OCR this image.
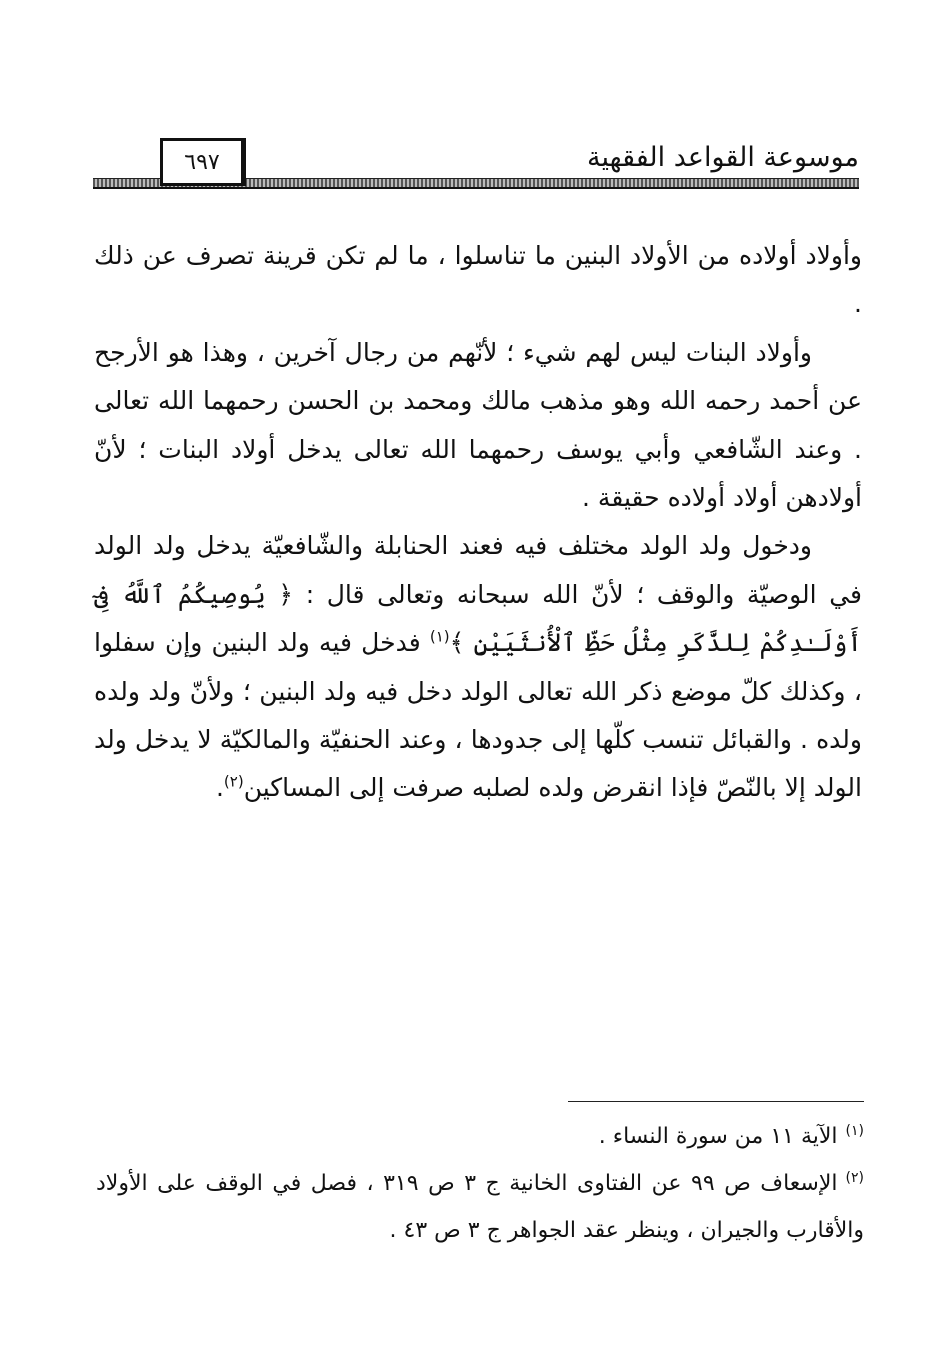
موسوعة القواعد الفقهية
٦٩٧

وأولاد أولاده من الأولاد البنين ما تناسلوا ، ما لم تكن قرينة تصرف عن ذلك .

وأولاد البنات ليس لهم شيء ؛ لأنّهم من رجال آخرين ، وهذا هو الأرجح عن أحمد رحمه الله وهو مذهب مالك ومحمد بن الحسن رحمهما الله تعالى . وعند الشّافعي وأبي يوسف رحمهما الله تعالى يدخل أولاد البنات ؛ لأنّ أولادهن أولاد أولاده حقيقة .

ودخول ولد الولد مختلف فيه فعند الحنابلة والشّافعيّة يدخل ولد الولد في الوصيّة والوقف ؛ لأنّ الله سبحانه وتعالى قال : ﴿ يُوصِيكُمُ ٱللَّهُ فِىٓ أَوْلَـٰدِكُمْ لِلذَّكَرِ مِثْلُ حَظِّ ٱلْأُنثَيَيْنِ ﴾$^{(١)}$ فدخل فيه ولد البنين وإن سفلوا ، وكذلك كلّ موضع ذكر الله تعالى الولد دخل فيه ولد البنين ؛ ولأنّ ولد ولده ولده . والقبائل تنسب كلّها إلى جدودها ، وعند الحنفيّة والمالكيّة لا يدخل ولد الولد إلا بالنّصّ فإذا انقرض ولده لصلبه صرفت إلى المساكين$^{(٢)}$.

$^{(١)}$الآية ١١ من سورة النساء .

$^{(٢)}$الإسعاف ص ٩٩ عن الفتاوى الخانية ج ٣ ص ٣١٩ ، فصل في الوقف على الأولاد والأقارب والجيران ، وينظر عقد الجواهر ج ٣ ص ٤٣ .
